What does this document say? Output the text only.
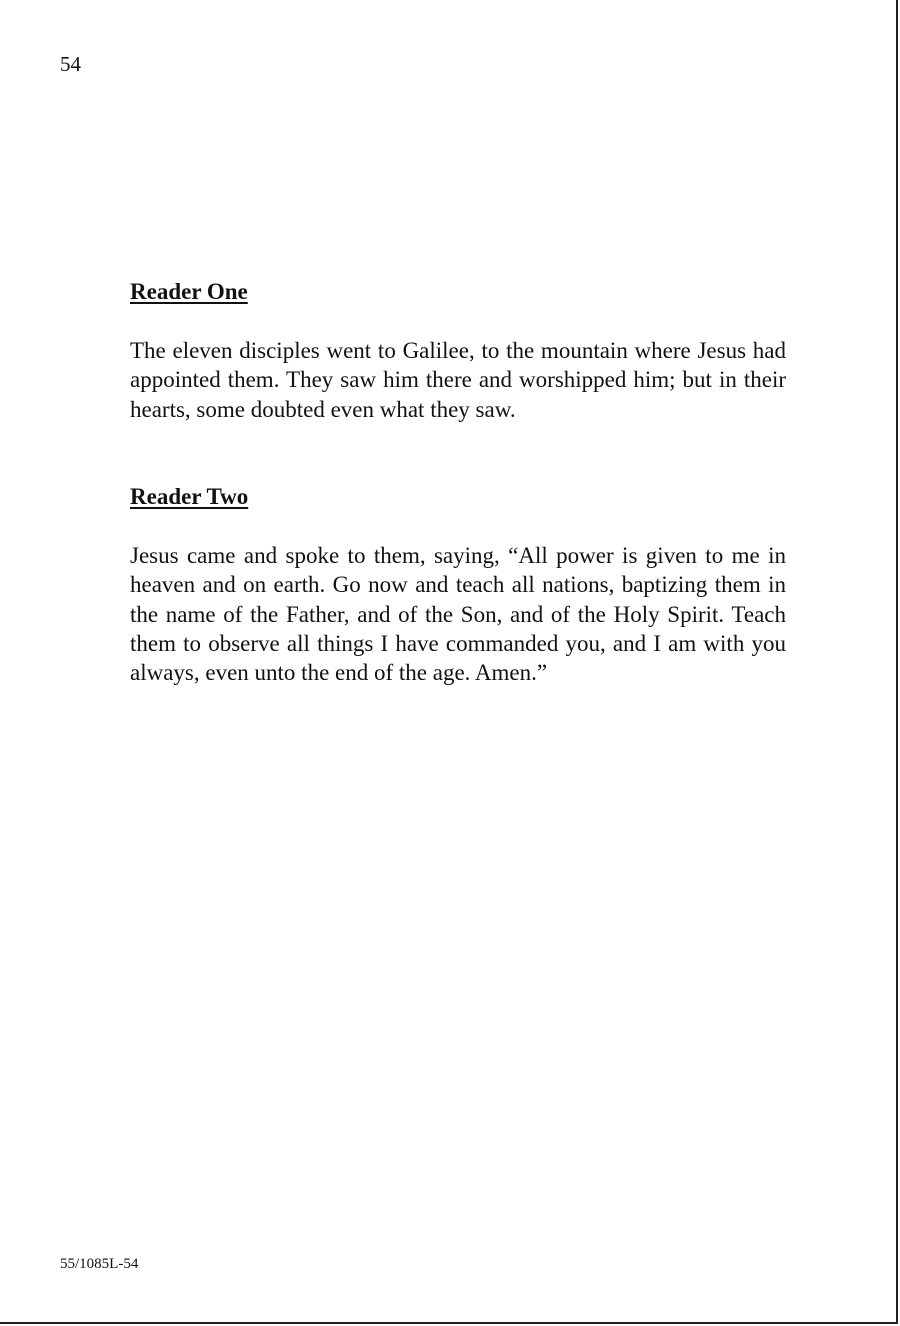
54

Reader One

The eleven disciples went to Galilee, to the mountain where Jesus had appointed them. They saw him there and worshipped him; but in their hearts, some doubted even what they saw.

Reader Two

Jesus came and spoke to them, saying, “All power is given to me in heaven and on earth. Go now and teach all nations, baptizing them in the name of the Father, and of the Son, and of the Holy Spirit. Teach them to observe all things I have commanded you, and I am with you always, even unto the end of the age. Amen.”

55/1085L-54
